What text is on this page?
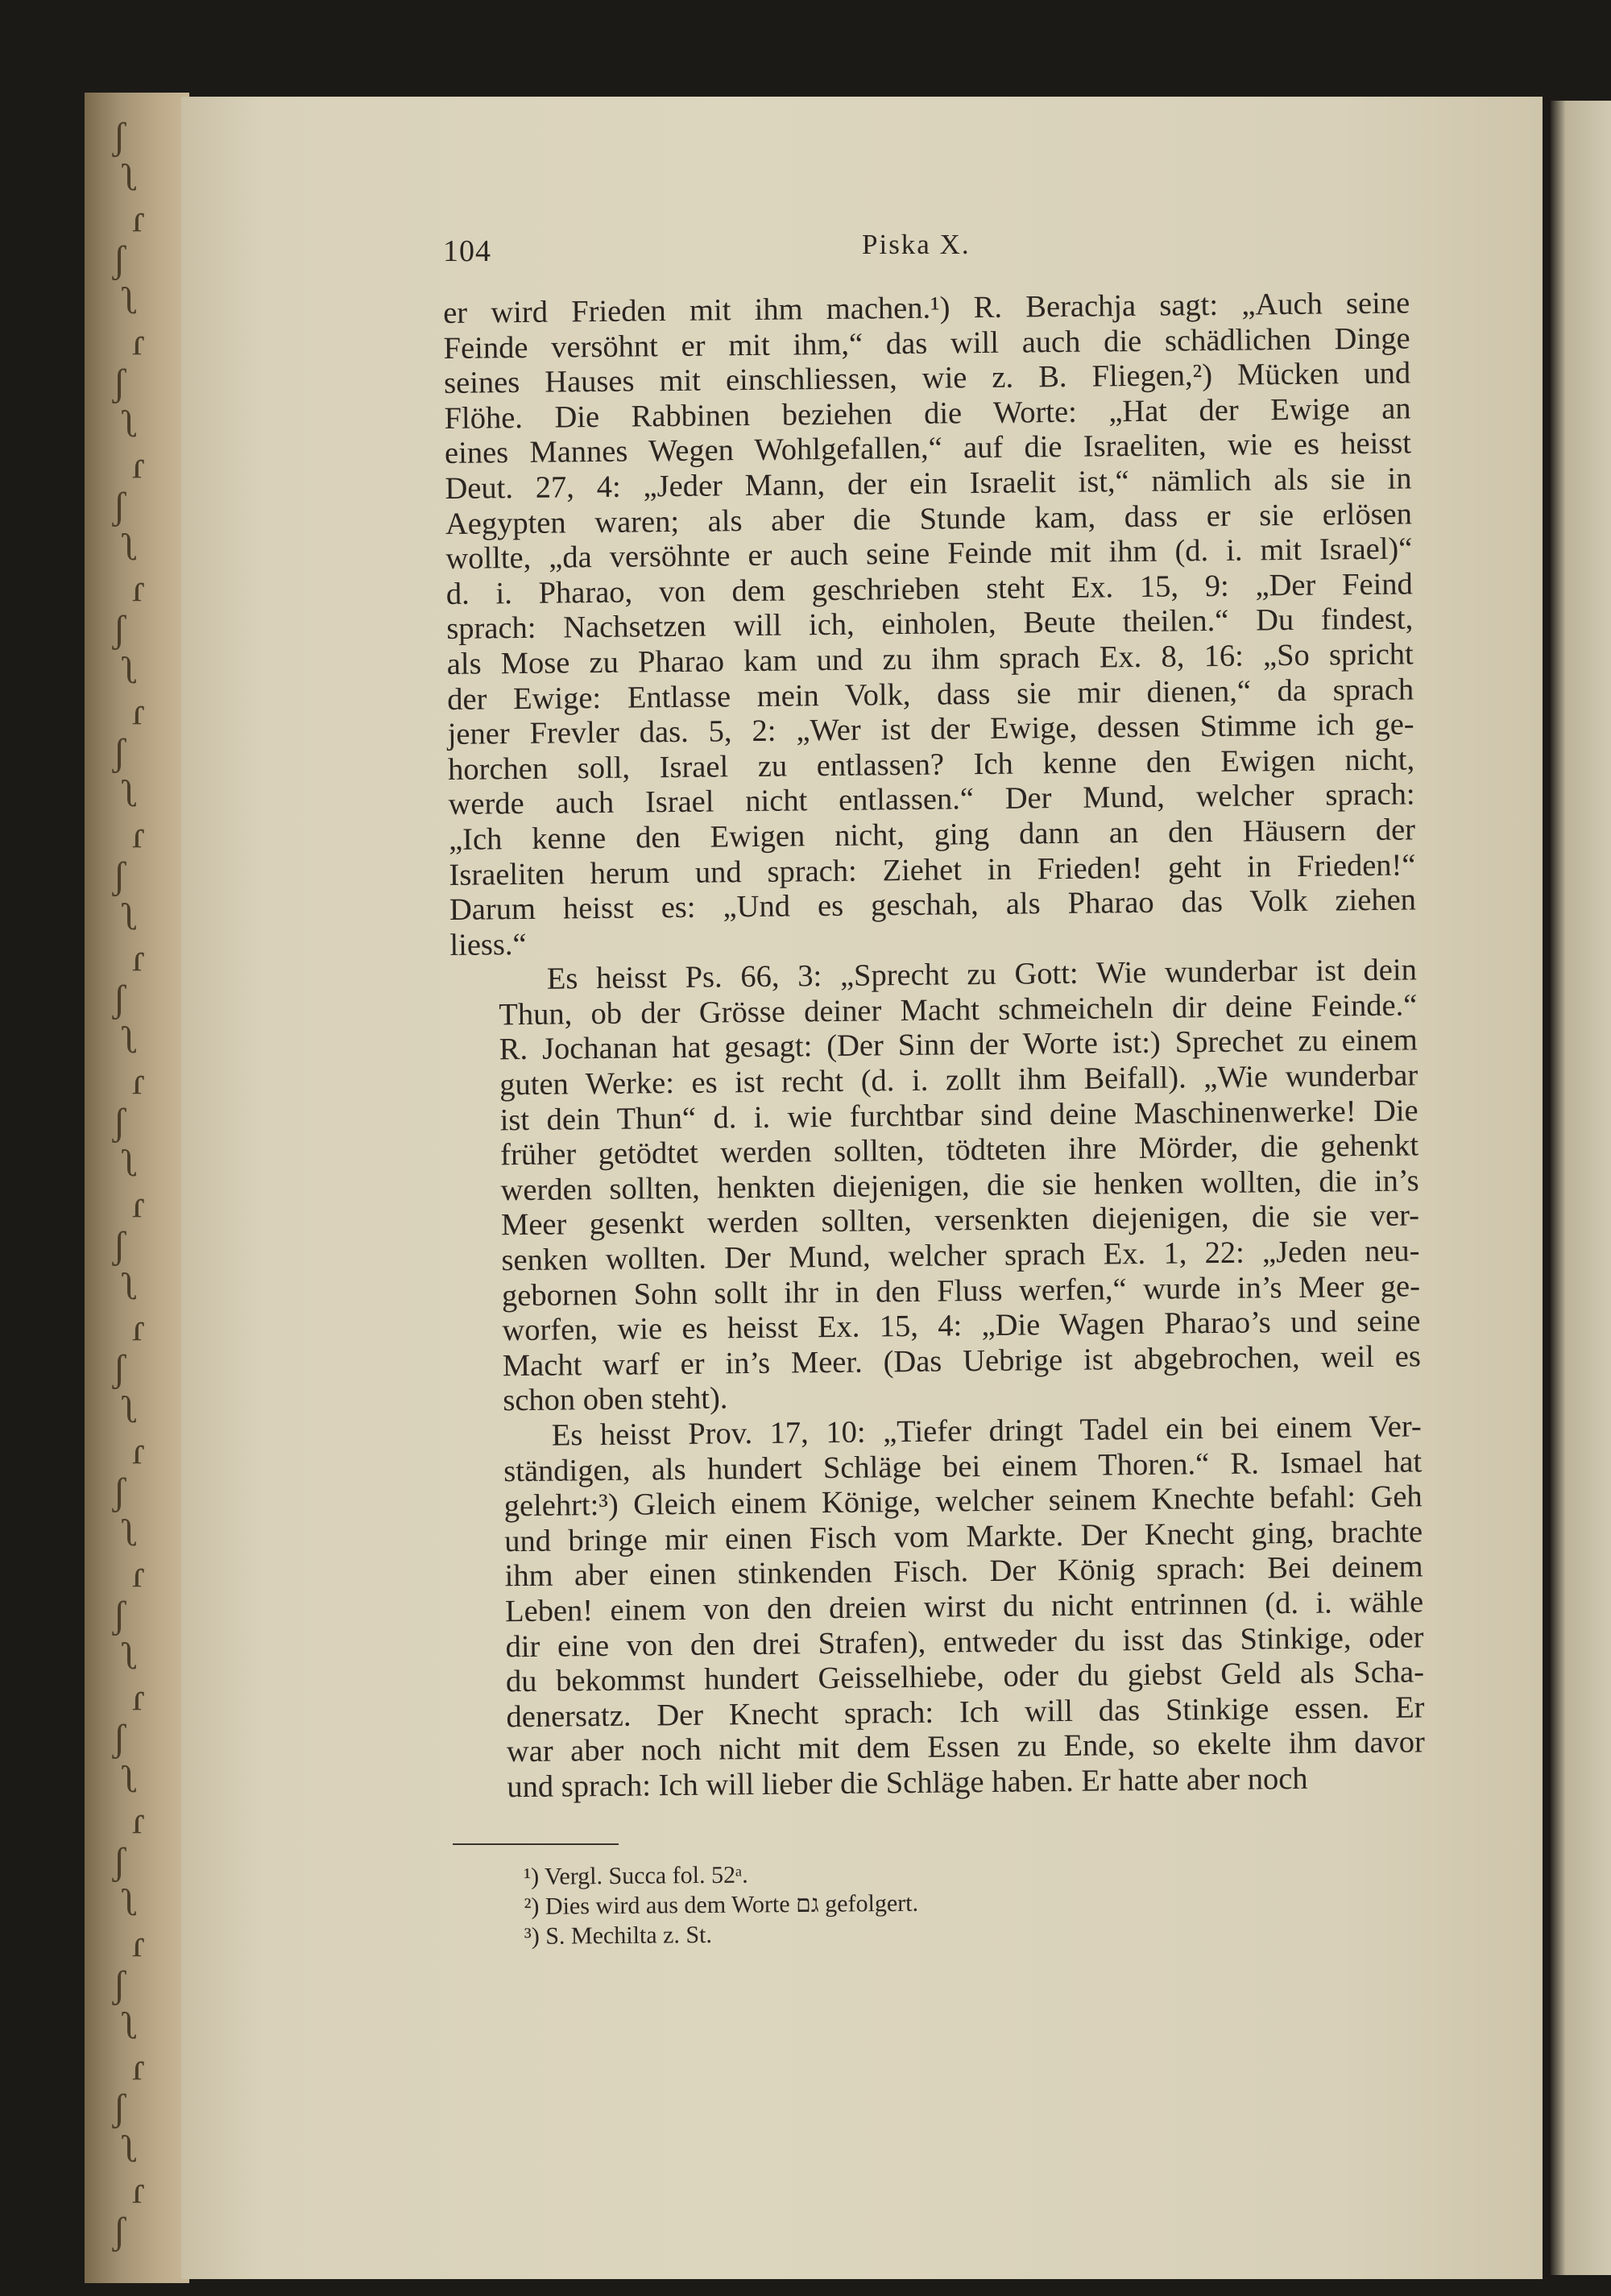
104	Piska X.

er wird Frieden mit ihm machen.¹) R. Berachja sagt: „Auch seine
Feinde versöhnt er mit ihm,“ das will auch die schädlichen Dinge
seines Hauses mit einschliessen, wie z. B. Fliegen,²) Mücken und
Flöhe. Die Rabbinen beziehen die Worte: „Hat der Ewige an
eines Mannes Wegen Wohlgefallen,“ auf die Israeliten, wie es heisst
Deut. 27, 4: „Jeder Mann, der ein Israelit ist,“ nämlich als sie in
Aegypten waren; als aber die Stunde kam, dass er sie erlösen
wollte, „da versöhnte er auch seine Feinde mit ihm (d. i. mit Israel)“
d. i. Pharao, von dem geschrieben steht Ex. 15, 9: „Der Feind
sprach: Nachsetzen will ich, einholen, Beute theilen.“ Du findest,
als Mose zu Pharao kam und zu ihm sprach Ex. 8, 16: „So spricht
der Ewige: Entlasse mein Volk, dass sie mir dienen,“ da sprach
jener Frevler das. 5, 2: „Wer ist der Ewige, dessen Stimme ich ge-
horchen soll, Israel zu entlassen? Ich kenne den Ewigen nicht,
werde auch Israel nicht entlassen.“ Der Mund, welcher sprach:
„Ich kenne den Ewigen nicht, ging dann an den Häusern der
Israeliten herum und sprach: Ziehet in Frieden! geht in Frieden!“
Darum heisst es: „Und es geschah, als Pharao das Volk ziehen
liess.“

Es heisst Ps. 66, 3: „Sprecht zu Gott: Wie wunderbar ist dein
Thun, ob der Grösse deiner Macht schmeicheln dir deine Feinde.“
R. Jochanan hat gesagt: (Der Sinn der Worte ist:) Sprechet zu einem
guten Werke: es ist recht (d. i. zollt ihm Beifall). „Wie wunderbar
ist dein Thun“ d. i. wie furchtbar sind deine Maschinenwerke! Die
früher getödtet werden sollten, tödteten ihre Mörder, die gehenkt
werden sollten, henkten diejenigen, die sie henken wollten, die in’s
Meer gesenkt werden sollten, versenkten diejenigen, die sie ver-
senken wollten. Der Mund, welcher sprach Ex. 1, 22: „Jeden neu-
gebornen Sohn sollt ihr in den Fluss werfen,“ wurde in’s Meer ge-
worfen, wie es heisst Ex. 15, 4: „Die Wagen Pharao’s und seine
Macht warf er in’s Meer. (Das Uebrige ist abgebrochen, weil es
schon oben steht).

Es heisst Prov. 17, 10: „Tiefer dringt Tadel ein bei einem Ver-
ständigen, als hundert Schläge bei einem Thoren.“ R. Ismael hat
gelehrt:³) Gleich einem Könige, welcher seinem Knechte befahl: Geh
und bringe mir einen Fisch vom Markte. Der Knecht ging, brachte
ihm aber einen stinkenden Fisch. Der König sprach: Bei deinem
Leben! einem von den dreien wirst du nicht entrinnen (d. i. wähle
dir eine von den drei Strafen), entweder du isst das Stinkige, oder
du bekommst hundert Geisselhiebe, oder du giebst Geld als Scha-
denersatz. Der Knecht sprach: Ich will das Stinkige essen. Er
war aber noch nicht mit dem Essen zu Ende, so ekelte ihm davor
und sprach: Ich will lieber die Schläge haben. Er hatte aber noch

¹) Vergl. Succa fol. 52ᵃ.
²) Dies wird aus dem Worte גם gefolgert.
³) S. Mechilta z. St.
ʃ
ʅ
ɾ
ʃ
ʅ
ɾ
ʃ
ʅ
ɾ
ʃ
ʅ
ɾ
ʃ
ʅ
ɾ
ʃ
ʅ
ɾ
ʃ
ʅ
ɾ
ʃ
ʅ
ɾ
ʃ
ʅ
ɾ
ʃ
ʅ
ɾ
ʃ
ʅ
ɾ
ʃ
ʅ
ɾ
ʃ
ʅ
ɾ
ʃ
ʅ
ɾ
ʃ
ʅ
ɾ
ʃ
ʅ
ɾ
ʃ
ʅ
ɾ
ʃ
